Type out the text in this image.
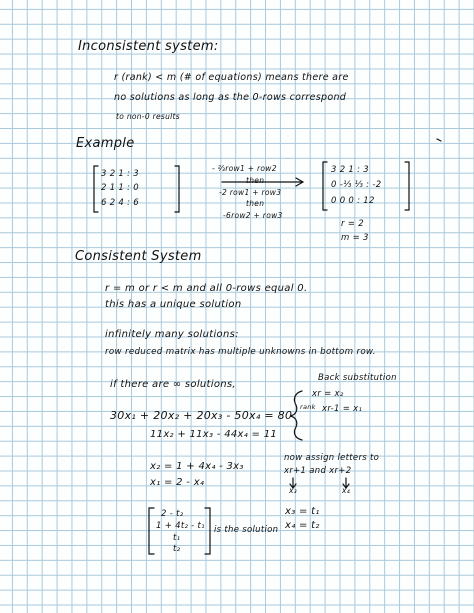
Inconsistent system:
r (rank) < m (# of equations) means there are
no solutions as long as the 0-rows correspond
to non-0 results
Example
3 2 1 : 3
2 1 1 : 0
6 2 4 : 6
- ⅔row1 + row2
then
-2 row1 + row3
then
-6row2 + row3
3 2 1 : 3
0 -⅓ ⅓ : -2
0 0 0 : 12
r = 2
m = 3
Consistent System
r = m or r < m and all 0-rows equal 0.
this has a unique solution
infinitely many solutions:
row reduced matrix has multiple unknowns in bottom row.
if there are ∞ solutions,
Back substitution
xr = x₂
rank xr-1 = x₁
30x₁ + 20x₂ + 20x₃ - 50x₄ = 80
11x₂ + 11x₃ - 44x₄ = 11
now assign letters to
xr+1 and xr+2
x₃	x₄
x₂ = 1 + 4x₄ - 3x₃
x₁ = 2 - x₄
x₃ = t₁
x₄ = t₂
2 - t₂
1 + 4t₂ - t₁
t₁
t₂
is the solution
